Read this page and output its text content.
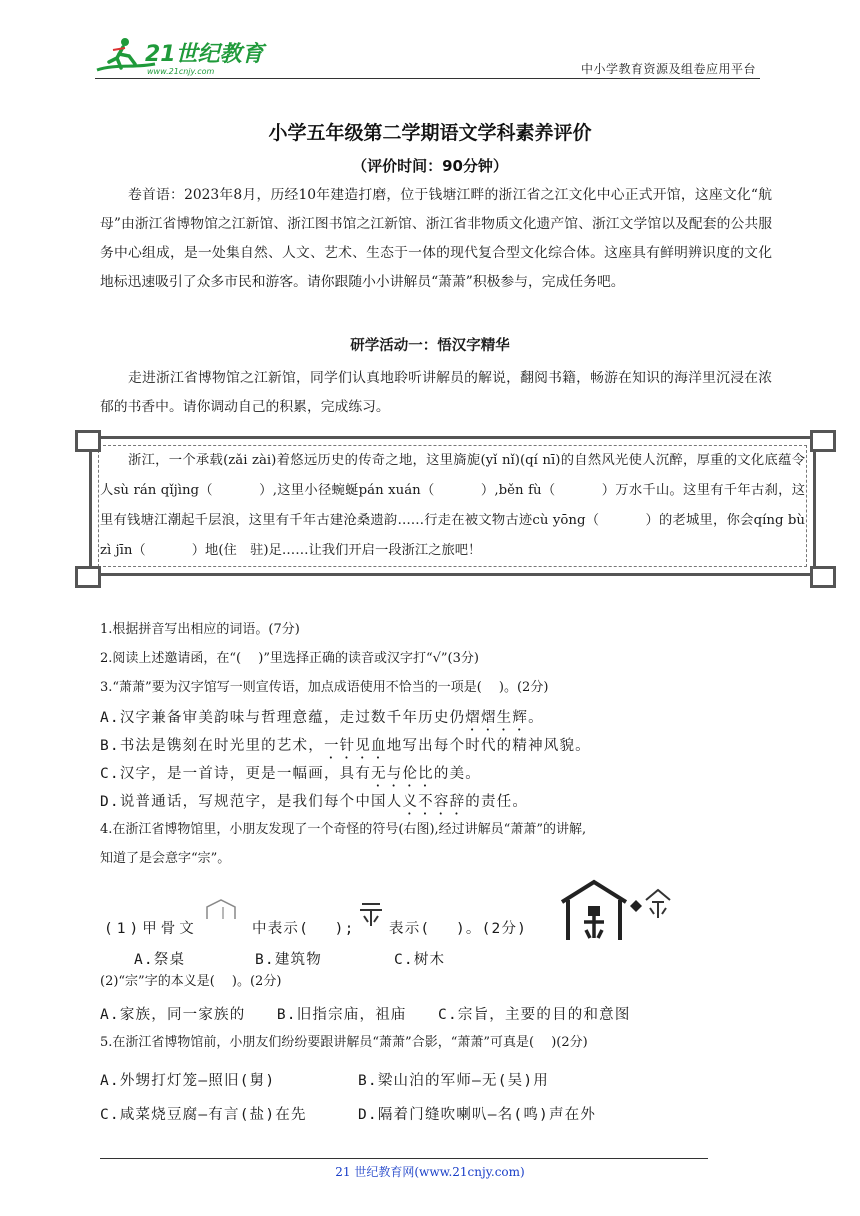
21世纪教育
www.21cnjy.com	中小学教育资源及组卷应用平台
小学五年级第二学期语文学科素养评价
（评价时间：90分钟）
卷首语：2023年8月，历经10年建造打磨，位于钱塘江畔的浙江省之江文化中心正式开馆，这座文化“航母”由浙江省博物馆之江新馆、浙江图书馆之江新馆、浙江省非物质文化遗产馆、浙江文学馆以及配套的公共服务中心组成，是一处集自然、人文、艺术、生态于一体的现代复合型文化综合体。这座具有鲜明辨识度的文化地标迅速吸引了众多市民和游客。请你跟随小小讲解员“萧萧”积极参与，完成任务吧。
研学活动一：悟汉字精华
走进浙江省博物馆之江新馆，同学们认真地聆听讲解员的解说，翻阅书籍，畅游在知识的海洋里沉浸在浓郁的书香中。请你调动自己的积累，完成练习。
浙江，一个承载(zǎi zài)着悠远历史的传奇之地，这里旖旎(yǐ nǐ)(qí nī)的自然风光使人沉醉，厚重的文化底蕴令人sù rán qǐjìng（	）,这里小径蜿蜒pán xuán（	）,běn fù（	）万水千山。这里有千年古刹，这里有钱塘江潮起千层浪，这里有千年古建沧桑遗韵……行走在被文物古迹cù yōng（	）的老城里，你会qíng bù zì jīn（	）地(住　驻)足……让我们开启一段浙江之旅吧！
1.根据拼音写出相应的词语。(7分)
2.阅读上述邀请函，在“(　 )”里选择正确的读音或汉字打“√”(3分)
3.“萧萧”要为汉字馆写一则宣传语，加点成语使用不恰当的一项是(　 )。(2分)
A.汉字兼备审美韵味与哲理意蕴，走过数千年历史仍熠熠生辉。
B.书法是镌刻在时光里的艺术，一针见血地写出每个时代的精神风貌。
C.汉字，是一首诗，更是一幅画，具有无与伦比的美。
D.说普通话，写规范字，是我们每个中国人义不容辞的责任。
4.在浙江省博物馆里，小朋友发现了一个奇怪的符号(右图),经过讲解员“萧萧”的讲解,
知道了是会意字“宗”。
(1)甲骨文	中表示(　 ); 表示(　 )。(2分)
A.祭桌	B.建筑物	C.树木
(2)“宗”字的本义是(　 )。(2分)
A.家族，同一家族的　　B.旧指宗庙，祖庙　　C.宗旨，主要的目的和意图
5.在浙江省博物馆前，小朋友们纷纷要跟讲解员“萧萧”合影，“萧萧”可真是(　 )(2分)
A.外甥打灯笼—照旧(舅)	B.梁山泊的军师—无(吴)用
C.咸菜烧豆腐—有言(盐)在先	D.隔着门缝吹喇叭—名(鸣)声在外
21 世纪教育网(www.21cnjy.com)
